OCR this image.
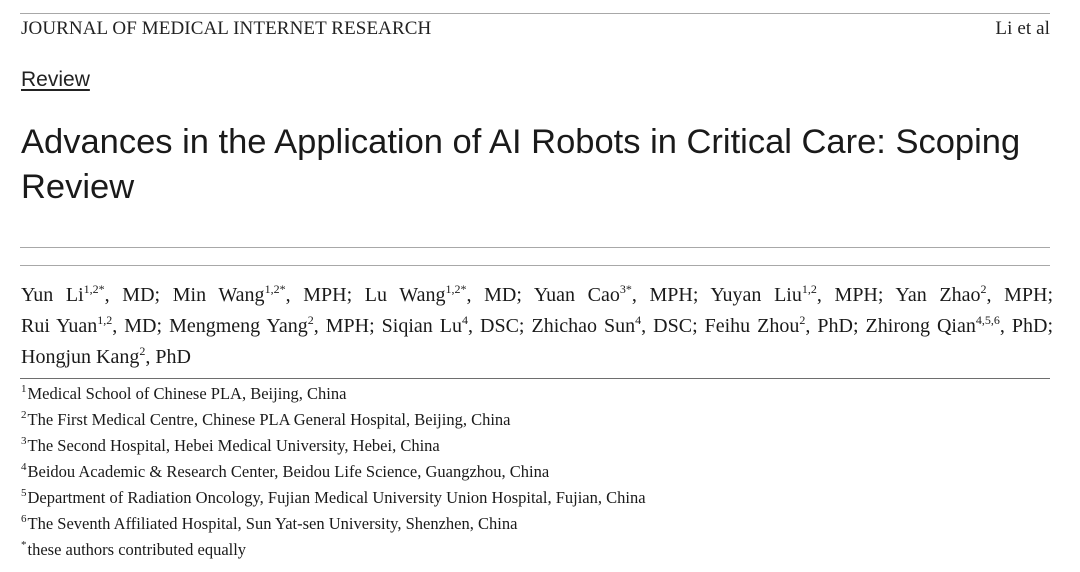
JOURNAL OF MEDICAL INTERNET RESEARCH	Li et al
Review
Advances in the Application of AI Robots in Critical Care: Scoping Review
Yun $Li^{1,2*}$, MD; Min Wang$^{1,2*}$, MPH; Lu Wang$^{1,2*}$, MD; Yuan Cao$^{3*}$, MPH; Yuyan Liu$^{1,2}$, MPH; Yan Zhao$^2$, MPH; Rui Yuan$^{1,2}$, MD; Mengmeng Yang$^2$, MPH; Siqian Lu$^4$, DSC; Zhichao Sun$^4$, DSC; Feihu Zhou$^2$, PhD; Zhirong Qian$^{4,5,6}$, PhD; Hongjun Kang$^2$, PhD
$^1$Medical School of Chinese PLA, Beijing, China
$^2$The First Medical Centre, Chinese PLA General Hospital, Beijing, China
$^3$The Second Hospital, Hebei Medical University, Hebei, China
$^4$Beidou Academic & Research Center, Beidou Life Science, Guangzhou, China
$^5$Department of Radiation Oncology, Fujian Medical University Union Hospital, Fujian, China
$^6$The Seventh Affiliated Hospital, Sun Yat-sen University, Shenzhen, China
*these authors contributed equally
